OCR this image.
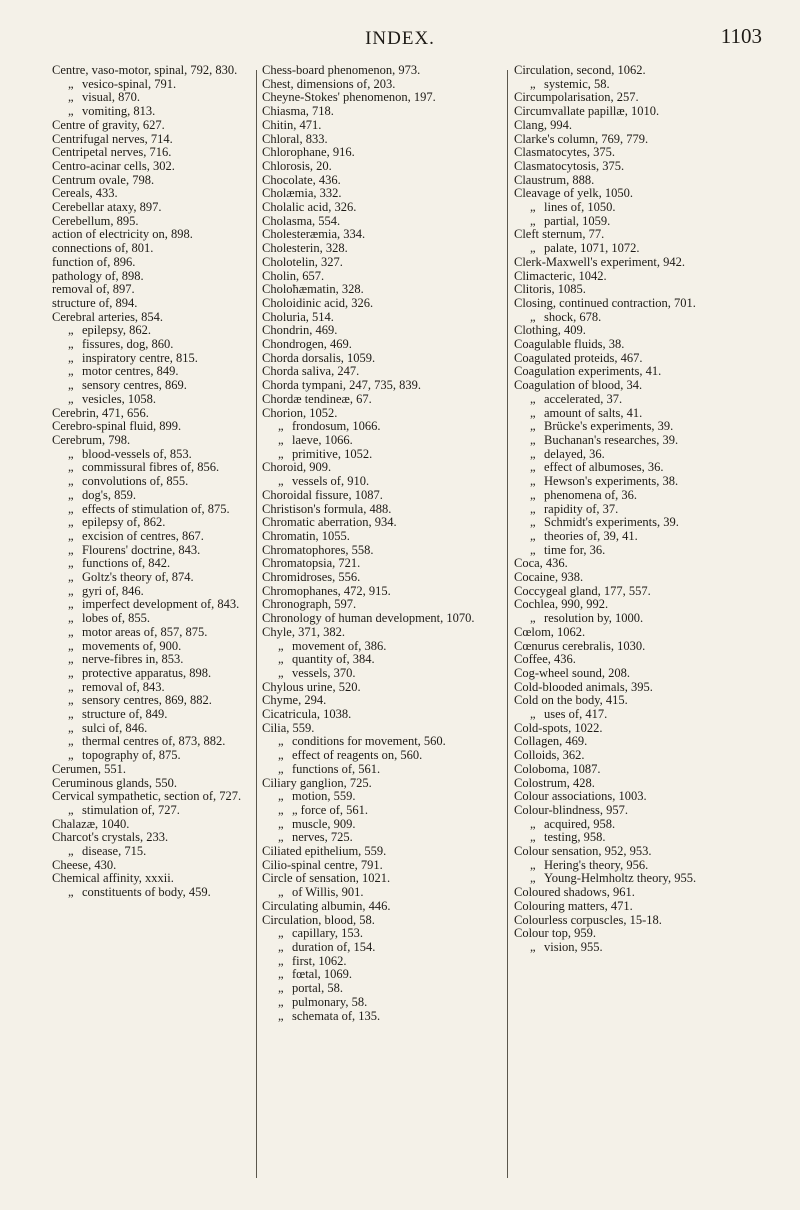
INDEX.	1103

Centre, vaso-motor, spinal, 792, 830.

„ vesico-spinal, 791.

„ visual, 870.

„ vomiting, 813.

Centre of gravity, 627.

Centrifugal nerves, 714.

Centripetal nerves, 716.

Centro-acinar cells, 302.

Centrum ovale, 798.

Cereals, 433.

Cerebellar ataxy, 897.

Cerebellum, 895.

action of electricity on, 898.

connections of, 801.

function of, 896.

pathology of, 898.

removal of, 897.

structure of, 894.

Cerebral arteries, 854.

„ epilepsy, 862.

„ fissures, dog, 860.

„ inspiratory centre, 815.

„ motor centres, 849.

„ sensory centres, 869.

„ vesicles, 1058.

Cerebrin, 471, 656.

Cerebro-spinal fluid, 899.

Cerebrum, 798.

„ blood-vessels of, 853.

„ commissural fibres of, 856.

„ convolutions of, 855.

„ dog's, 859.

„ effects of stimulation of, 875.

„ epilepsy of, 862.

„ excision of centres, 867.

„ Flourens' doctrine, 843.

„ functions of, 842.

„ Goltz's theory of, 874.

„ gyri of, 846.

„ imperfect development of, 843.

„ lobes of, 855.

„ motor areas of, 857, 875.

„ movements of, 900.

„ nerve-fibres in, 853.

„ protective apparatus, 898.

„ removal of, 843.

„ sensory centres, 869, 882.

„ structure of, 849.

„ sulci of, 846.

„ thermal centres of, 873, 882.

„ topography of, 875.

Cerumen, 551.

Ceruminous glands, 550.

Cervical sympathetic, section of, 727.

„ stimulation of, 727.

Chalazæ, 1040.

Charcot's crystals, 233.

„ disease, 715.

Cheese, 430.

Chemical affinity, xxxii.

„ constituents of body, 459.

Chess-board phenomenon, 973.

Chest, dimensions of, 203.

Cheyne-Stokes' phenomenon, 197.

Chiasma, 718.

Chitin, 471.

Chloral, 833.

Chlorophane, 916.

Chlorosis, 20.

Chocolate, 436.

Cholæmia, 332.

Cholalic acid, 326.

Cholasma, 554.

Cholesteræmia, 334.

Cholesterin, 328.

Cholotelin, 327.

Cholin, 657.

Choloħæmatin, 328.

Choloidinic acid, 326.

Choluria, 514.

Chondrin, 469.

Chondrogen, 469.

Chorda dorsalis, 1059.

Chorda saliva, 247.

Chorda tympani, 247, 735, 839.

Chordæ tendineæ, 67.

Chorion, 1052.

„ frondosum, 1066.

„ laeve, 1066.

„ primitive, 1052.

Choroid, 909.

„ vessels of, 910.

Choroidal fissure, 1087.

Christison's formula, 488.

Chromatic aberration, 934.

Chromatin, 1055.

Chromatophores, 558.

Chromatopsia, 721.

Chromidroses, 556.

Chromophanes, 472, 915.

Chronograph, 597.

Chronology of human development, 1070.

Chyle, 371, 382.

„ movement of, 386.

„ quantity of, 384.

„ vessels, 370.

Chylous urine, 520.

Chyme, 294.

Cicatricula, 1038.

Cilia, 559.

„ conditions for movement, 560.

„ effect of reagents on, 560.

„ functions of, 561.

Ciliary ganglion, 725.

„ motion, 559.

„ „ force of, 561.

„ muscle, 909.

„ nerves, 725.

Ciliated epithelium, 559.

Cilio-spinal centre, 791.

Circle of sensation, 1021.

„ of Willis, 901.

Circulating albumin, 446.

Circulation, blood, 58.

„ capillary, 153.

„ duration of, 154.

„ first, 1062.

„ fœtal, 1069.

„ portal, 58.

„ pulmonary, 58.

„ schemata of, 135.

Circulation, second, 1062.

„ systemic, 58.

Circumpolarisation, 257.

Circumvallate papillæ, 1010.

Clang, 994.

Clarke's column, 769, 779.

Clasmatocytes, 375.

Clasmatocytosis, 375.

Claustrum, 888.

Cleavage of yelk, 1050.

„ lines of, 1050.

„ partial, 1059.

Cleft sternum, 77.

„ palate, 1071, 1072.

Clerk-Maxwell's experiment, 942.

Climacteric, 1042.

Clitoris, 1085.

Closing, continued contraction, 701.

„ shock, 678.

Clothing, 409.

Coagulable fluids, 38.

Coagulated proteids, 467.

Coagulation experiments, 41.

Coagulation of blood, 34.

„ accelerated, 37.

„ amount of salts, 41.

„ Brücke's experiments, 39.

„ Buchanan's researches, 39.

„ delayed, 36.

„ effect of albumoses, 36.

„ Hewson's experiments, 38.

„ phenomena of, 36.

„ rapidity of, 37.

„ Schmidt's experiments, 39.

„ theories of, 39, 41.

„ time for, 36.

Coca, 436.

Cocaine, 938.

Coccygeal gland, 177, 557.

Cochlea, 990, 992.

„ resolution by, 1000.

Cœlom, 1062.

Cœnurus cerebralis, 1030.

Coffee, 436.

Cog-wheel sound, 208.

Cold-blooded animals, 395.

Cold on the body, 415.

„ uses of, 417.

Cold-spots, 1022.

Collagen, 469.

Colloids, 362.

Coloboma, 1087.

Colostrum, 428.

Colour associations, 1003.

Colour-blindness, 957.

„ acquired, 958.

„ testing, 958.

Colour sensation, 952, 953.

„ Hering's theory, 956.

„ Young-Helmholtz theory, 955.

Coloured shadows, 961.

Colouring matters, 471.

Colourless corpuscles, 15-18.

Colour top, 959.

„ vision, 955.
